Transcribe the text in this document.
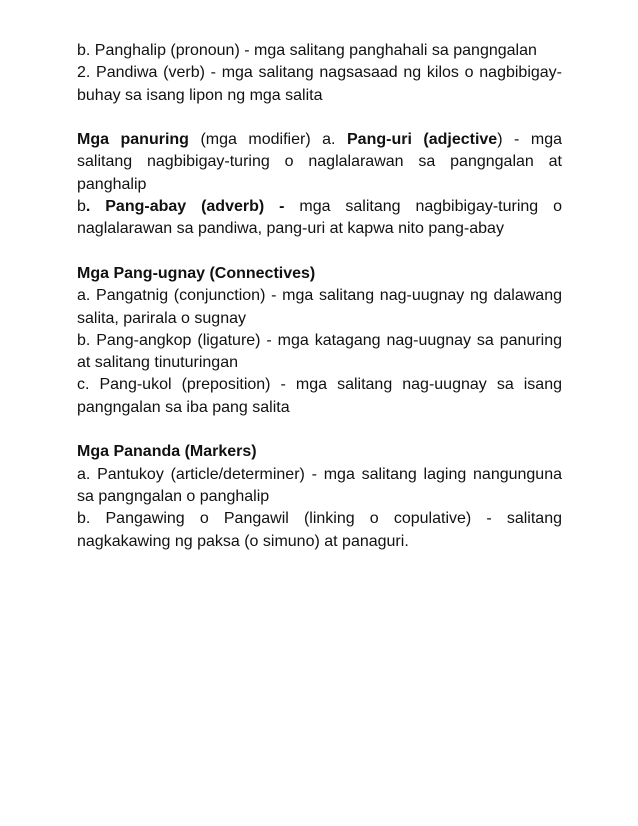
b. Panghalip (pronoun) - mga salitang panghahali sa pangngalan

2. Pandiwa (verb) - mga salitang nagsasaad ng kilos o nagbibigay-buhay sa isang lipon ng mga salita

Mga panuring (mga modifier) a. Pang-uri (adjective) - mga salitang nagbibigay-turing o naglalarawan sa pangngalan at panghalip

b. Pang-abay (adverb) - mga salitang nagbibigay-turing o naglalarawan sa pandiwa, pang-uri at kapwa nito pang-abay

Mga Pang-ugnay (Connectives)

a. Pangatnig (conjunction) - mga salitang nag-uugnay ng dalawang salita, parirala o sugnay

b. Pang-angkop (ligature) - mga katagang nag-uugnay sa panuring at salitang tinuturingan

c. Pang-ukol (preposition) - mga salitang nag-uugnay sa isang pangngalan sa iba pang salita

Mga Pananda (Markers)

a. Pantukoy (article/determiner) - mga salitang laging nangunguna sa pangngalan o panghalip

b. Pangawing o Pangawil (linking o copulative) - salitang nagkakawing ng paksa (o simuno) at panaguri.
